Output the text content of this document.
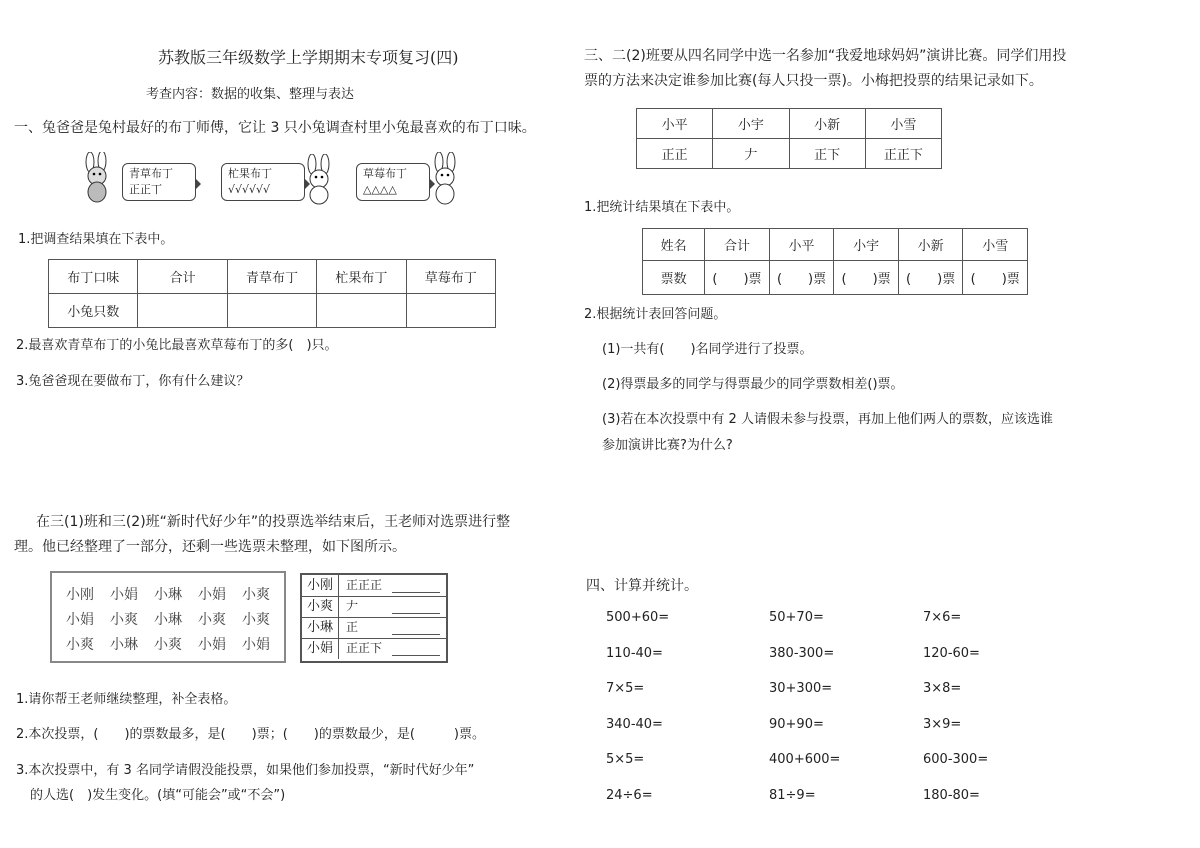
苏教版三年级数学上学期期末专项复习(四)
考查内容：数据的收集、整理与表达
一、兔爸爸是兔村最好的布丁师傅，它让 3 只小兔调查村里小兔最喜欢的布丁口味。
青草布丁
正正丅
杧果布丁
√√√√√√
草莓布丁
△△△△
1.把调查结果填在下表中。
布丁口味	合计	青草布丁	杧果布丁	草莓布丁
小兔只数				
2.最喜欢青草布丁的小兔比最喜欢草莓布丁的多(　)只。
3.兔爸爸现在要做布丁，你有什么建议？
在三(1)班和三(2)班“新时代好少年”的投票选举结束后，王老师对选票进行整
理。他已经整理了一部分，还剩一些选票未整理，如下图所示。
小刚 小娟 小琳 小娟 小爽
小娟 小爽 小琳 小爽 小爽
小爽 小琳 小爽 小娟 小娟
小刚	正正正
小爽	𠂇
小琳	正
小娟	正正下
1.请你帮王老师继续整理，补全表格。
2.本次投票，(　　)的票数最多，是(　　)票；(　　)的票数最少，是(　　　)票。
3.本次投票中，有 3 名同学请假没能投票，如果他们参加投票，“新时代好少年”
的人选(　)发生变化。(填“可能会”或“不会”)
三、二(2)班要从四名同学中选一名参加“我爱地球妈妈”演讲比赛。同学们用投
票的方法来决定谁参加比赛(每人只投一票)。小梅把投票的结果记录如下。
小平	小宇	小新	小雪
正正	𠂇	正下	正正下
1.把统计结果填在下表中。
姓名	合计	小平	小宇	小新	小雪
票数	(　　)票	(　　)票	(　　)票	(　　)票	(　　)票
2.根据统计表回答问题。
(1)一共有(　　)名同学进行了投票。
(2)得票最多的同学与得票最少的同学票数相差()票。
(3)若在本次投票中有 2 人请假未参与投票，再加上他们两人的票数，应该选谁
参加演讲比赛?为什么?
四、计算并统计。
500+60=	50+70=	7×6=
110-40=	380-300=	120-60=
7×5=	30+300=	3×8=
340-40=	90+90=	3×9=
5×5=	400+600=	600-300=
24÷6=	81÷9=	180-80=
